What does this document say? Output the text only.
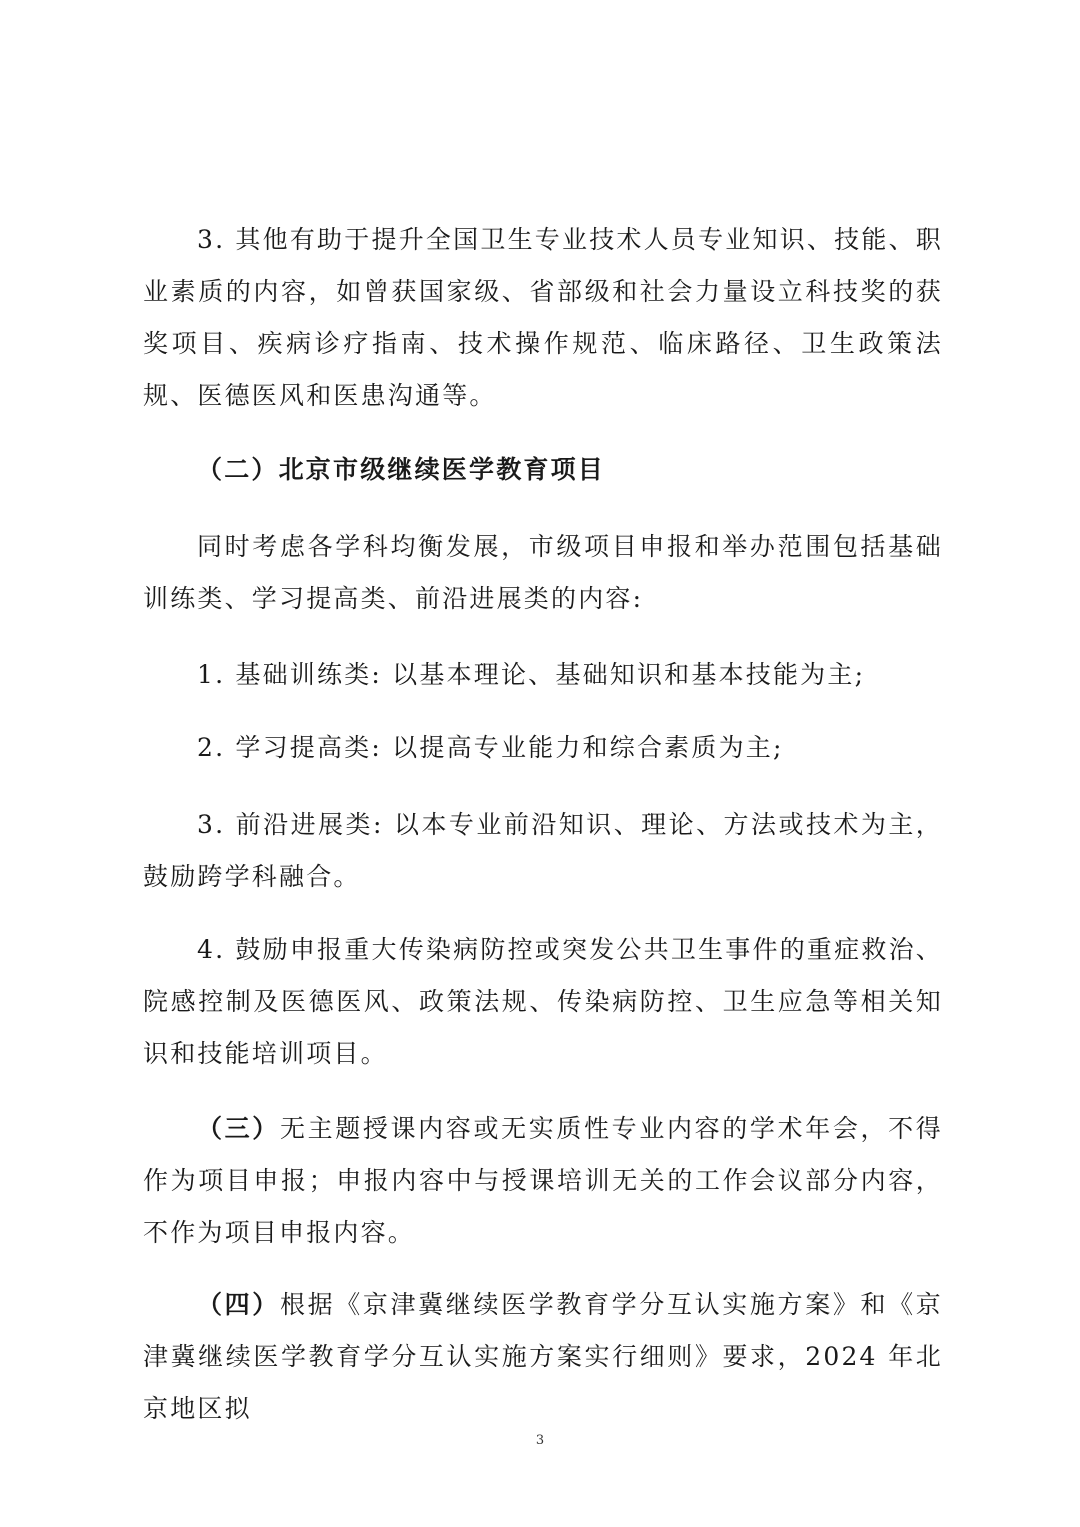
3. 其他有助于提升全国卫生专业技术人员专业知识、技能、职业素质的内容，如曾获国家级、省部级和社会力量设立科技奖的获奖项目、疾病诊疗指南、技术操作规范、临床路径、卫生政策法规、医德医风和医患沟通等。

（二）北京市级继续医学教育项目

同时考虑各学科均衡发展，市级项目申报和举办范围包括基础训练类、学习提高类、前沿进展类的内容:

1. 基础训练类: 以基本理论、基础知识和基本技能为主;

2. 学习提高类: 以提高专业能力和综合素质为主;

3. 前沿进展类: 以本专业前沿知识、理论、方法或技术为主，鼓励跨学科融合。

4. 鼓励申报重大传染病防控或突发公共卫生事件的重症救治、院感控制及医德医风、政策法规、传染病防控、卫生应急等相关知识和技能培训项目。

（三）无主题授课内容或无实质性专业内容的学术年会，不得作为项目申报；申报内容中与授课培训无关的工作会议部分内容，不作为项目申报内容。

（四）根据《京津冀继续医学教育学分互认实施方案》和《京津冀继续医学教育学分互认实施方案实行细则》要求，2024 年北京地区拟

3
